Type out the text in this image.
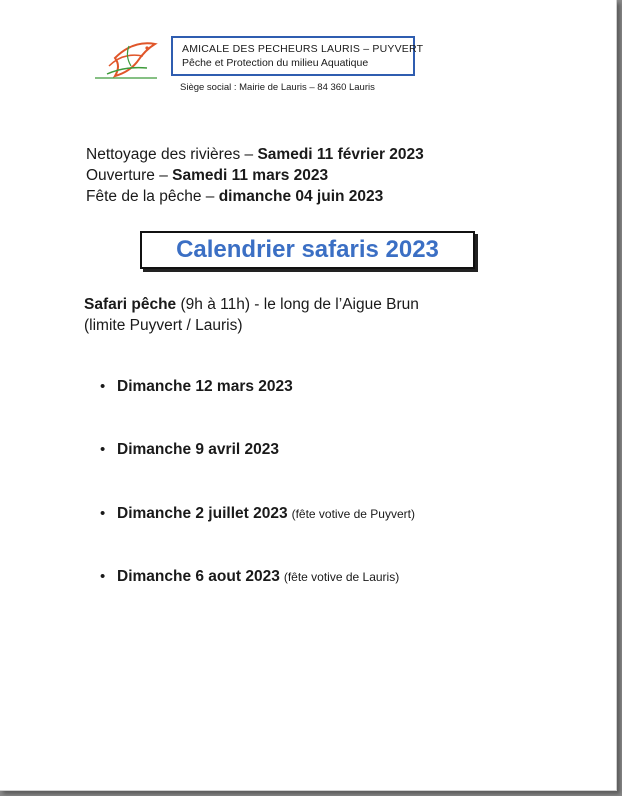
AMICALE DES PECHEURS LAURIS – PUYVERT
Pêche et Protection du milieu Aquatique
Siège social : Mairie de Lauris – 84 360 Lauris
Nettoyage des rivières – Samedi 11 février 2023
Ouverture – Samedi 11 mars 2023
Fête de la pêche – dimanche 04 juin 2023
Calendrier safaris 2023
Safari pêche (9h à 11h) - le long de l’Aigue Brun
(limite Puyvert / Lauris)
• Dimanche 12 mars 2023
• Dimanche 9 avril 2023
• Dimanche 2 juillet 2023 (fête votive de Puyvert)
• Dimanche 6 aout 2023 (fête votive de Lauris)
